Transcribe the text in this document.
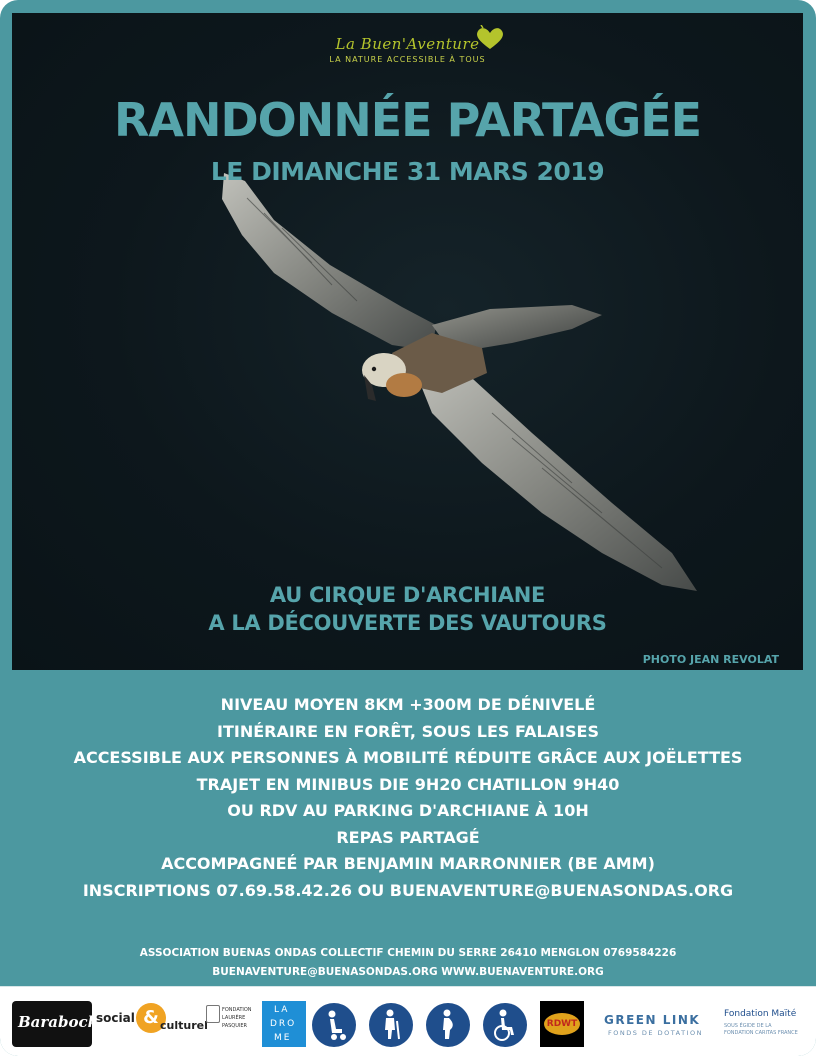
La Buen'Aventure
LA NATURE ACCESSIBLE À TOUS
RANDONNÉE PARTAGÉE
LE DIMANCHE 31 MARS 2019
AU CIRQUE D'ARCHIANE
A LA DÉCOUVERTE DES VAUTOURS
PHOTO JEAN REVOLAT
NIVEAU MOYEN 8KM +300M DE DÉNIVELÉ
ITINÉRAIRE EN FORÊT, SOUS LES FALAISES
ACCESSIBLE AUX PERSONNES À MOBILITÉ RÉDUITE GRÂCE AUX JOËLETTES
TRAJET EN MINIBUS DIE 9H20 CHATILLON 9H40
OU RDV AU PARKING D'ARCHIANE À 10H
REPAS PARTAGÉ
ACCOMPAGNEÉ PAR BENJAMIN MARRONNIER (BE AMM)
INSCRIPTIONS 07.69.58.42.26 OU BUENAVENTURE@BUENASONDAS.ORG
ASSOCIATION BUENAS ONDAS COLLECTIF CHEMIN DU SERRE 26410 MENGLON 0769584226
BUENAVENTURE@BUENASONDAS.ORG WWW.BUENAVENTURE.ORG
Barabock
social & culturel
FONDATION
LAURÈRE
PASQUIER
LA
DRO
ME
RDWT GREEN LINK
FONDS DE DOTATION
Fondation Maïté
SOUS ÉGIDE DE LA
FONDATION CARITAS FRANCE
